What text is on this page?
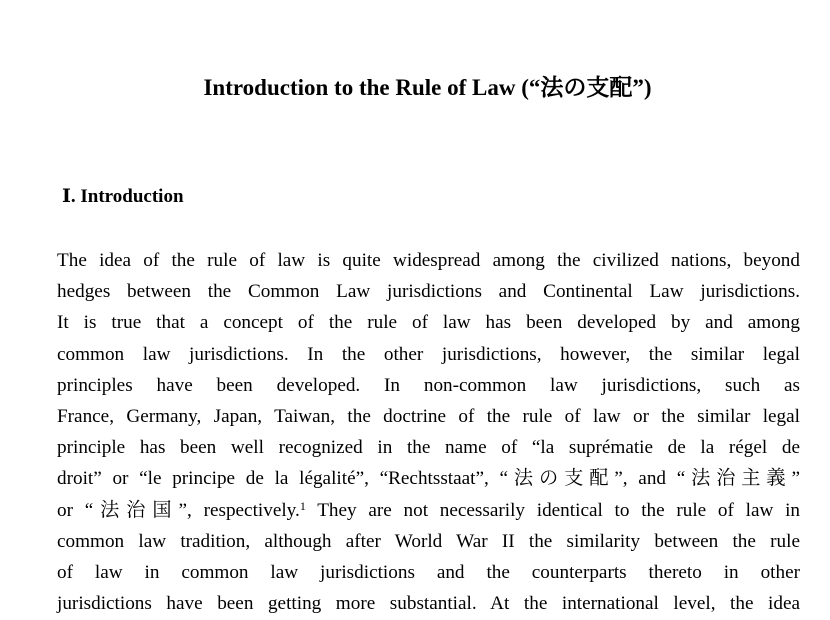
Introduction to the Rule of Law (“法の支配”)
Ⅰ. Introduction
The idea of the rule of law is quite widespread among the civilized nations, beyond
hedges between the Common Law jurisdictions and Continental Law jurisdictions.
It is true that a concept of the rule of law has been developed by and among
common law jurisdictions. In the other jurisdictions, however, the similar legal
principles have been developed. In non-common law jurisdictions, such as
France, Germany, Japan, Taiwan, the doctrine of the rule of law or the similar legal
principle has been well recognized in the name of “la suprématie de la régel de
droit” or “le principe de la légalité”, “Rechtsstaat”, “法の支配”, and “法治主義”
or “法治国”, respectively.$^1$ They are not necessarily identical to the rule of law in
common law tradition, although after World War II the similarity between the rule
of law in common law jurisdictions and the counterparts thereto in other
jurisdictions have been getting more substantial. At the international level, the idea
